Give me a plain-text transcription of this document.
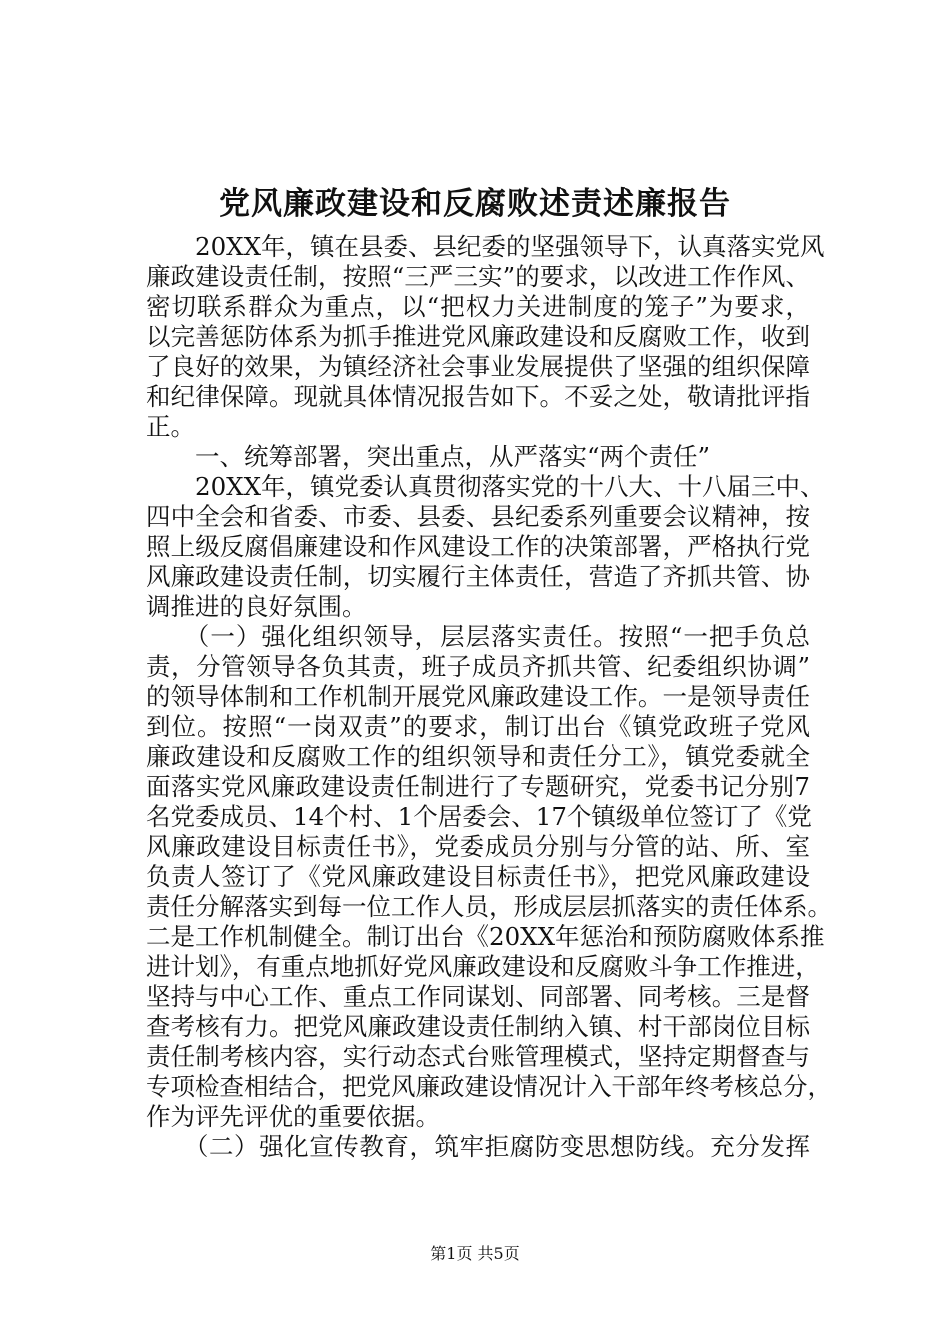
党风廉政建设和反腐败述责述廉报告
　　20XX年，镇在县委、县纪委的坚强领导下，认真落实党风
廉政建设责任制，按照“三严三实”的要求，以改进工作作风、
密切联系群众为重点，以“把权力关进制度的笼子”为要求，
以完善惩防体系为抓手推进党风廉政建设和反腐败工作，收到
了良好的效果，为镇经济社会事业发展提供了坚强的组织保障
和纪律保障。现就具体情况报告如下。不妥之处，敬请批评指
正。
　　一、统筹部署，突出重点，从严落实“两个责任”
　　20XX年，镇党委认真贯彻落实党的十八大、十八届三中、
四中全会和省委、市委、县委、县纪委系列重要会议精神，按
照上级反腐倡廉建设和作风建设工作的决策部署，严格执行党
风廉政建设责任制，切实履行主体责任，营造了齐抓共管、协
调推进的良好氛围。
　　（一）强化组织领导，层层落实责任。按照“一把手负总
责，分管领导各负其责，班子成员齐抓共管、纪委组织协调”
的领导体制和工作机制开展党风廉政建设工作。一是领导责任
到位。按照“一岗双责”的要求，制订出台《镇党政班子党风
廉政建设和反腐败工作的组织领导和责任分工》，镇党委就全
面落实党风廉政建设责任制进行了专题研究，党委书记分别7
名党委成员、14个村、1个居委会、17个镇级单位签订了《党
风廉政建设目标责任书》，党委成员分别与分管的站、所、室
负责人签订了《党风廉政建设目标责任书》，把党风廉政建设
责任分解落实到每一位工作人员，形成层层抓落实的责任体系。
二是工作机制健全。制订出台《20XX年惩治和预防腐败体系推
进计划》，有重点地抓好党风廉政建设和反腐败斗争工作推进，
坚持与中心工作、重点工作同谋划、同部署、同考核。三是督
查考核有力。把党风廉政建设责任制纳入镇、村干部岗位目标
责任制考核内容，实行动态式台账管理模式，坚持定期督查与
专项检查相结合，把党风廉政建设情况计入干部年终考核总分，
作为评先评优的重要依据。
　　（二）强化宣传教育，筑牢拒腐防变思想防线。充分发挥
第1页 共5页
